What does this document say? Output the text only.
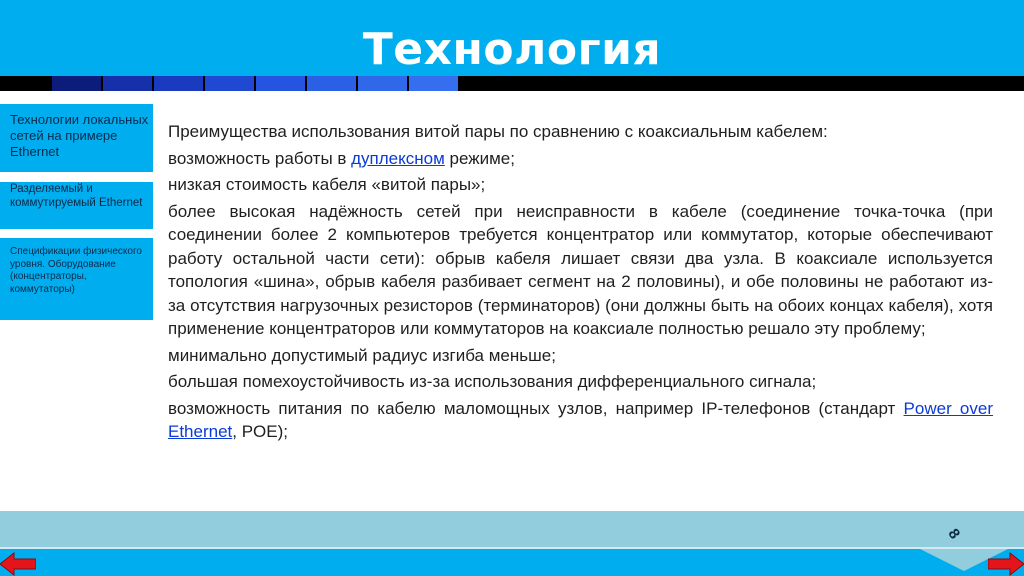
Технология
Технологии локальных сетей на примере Ethernet
Разделяемый и коммутируемый Ethernet
Спецификации физического уровня. Оборудование (концентраторы, коммутаторы)

Преимущества использования витой пары по сравнению с коаксиальным кабелем:

возможность работы в дуплексном режиме;

низкая стоимость кабеля «витой пары»;

более высокая надёжность сетей при неисправности в кабеле (соединение точка-точка (при соединении более 2 компьютеров требуется концентратор или коммутатор, которые обеспечивают работу остальной части сети): обрыв кабеля лишает связи два узла. В коаксиале используется топология «шина», обрыв кабеля разбивает сегмент на 2 половины), и обе половины не работают из-за отсутствия нагрузочных резисторов (терминаторов) (они должны быть на обоих концах кабеля), хотя применение концентраторов или коммутаторов на коаксиале полностью решало эту проблему;

минимально допустимый радиус изгиба меньше;

большая помехоустойчивость из-за использования дифференциального сигнала;

возможность питания по кабелю маломощных узлов, например IP-телефонов (стандарт Power over Ethernet, POE);

8
